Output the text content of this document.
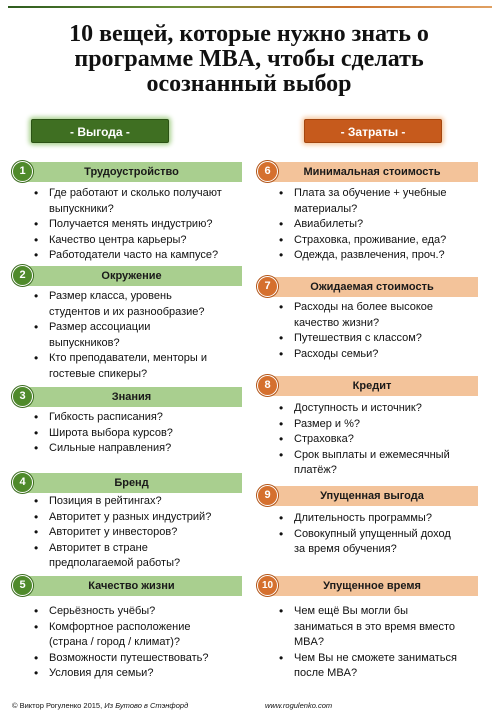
10 вещей, которые нужно знать о
программе MBA, чтобы сделать
осознанный выбор
- Выгода -	- Затраты -
Трудоустройство
1
• Где работают и сколько получают
выпускники?
• Получается менять индустрию?
• Качество центра карьеры?
• Работодатели часто на кампусе?
Окружение
2
• Размер класса, уровень
студентов и их разнообразие?
• Размер ассоциации
выпускников?
• Кто преподаватели, менторы и
гостевые спикеры?
Знания
3
• Гибкость расписания?
• Широта выбора курсов?
• Сильные направления?
Бренд
4
• Позиция в рейтингах?
• Авторитет у разных индустрий?
• Авторитет у инвесторов?
• Авторитет в стране
предполагаемой работы?
Качество жизни
5
• Серьёзность учёбы?
• Комфортное расположение
(страна / город / климат)?
• Возможности путешествовать?
• Условия для семьи?
Минимальная стоимость
6
• Плата за обучение + учебные
материалы?
• Авиабилеты?
• Страховка, проживание, еда?
• Одежда, развлечения, проч.?
Ожидаемая стоимость
7
• Расходы на более высокое
качество жизни?
• Путешествия с классом?
• Расходы семьи?
Кредит
8
• Доступность и источник?
• Размер и %?
• Страховка?
• Срок выплаты и ежемесячный
платёж?
Упущенная выгода
9
• Длительность программы?
• Совокупный упущенный доход
за время обучения?
Упущенное время
10
• Чем ещё Вы могли бы
заниматься в это время вместо
MBA?
• Чем Вы не сможете заниматься
после MBA?
© Виктор Рогуленко 2015, Из Бутово в Стэнфорд	www.rogulenko.com
